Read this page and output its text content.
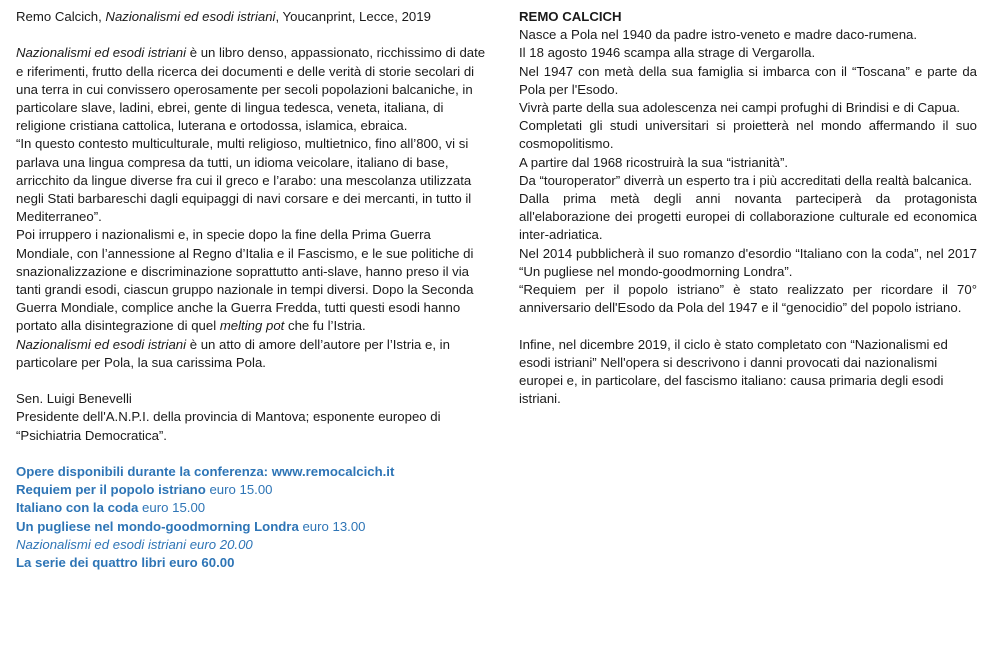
Remo Calcich, Nazionalismi ed esodi istriani, Youcanprint, Lecce, 2019

Nazionalismi ed esodi istriani è un libro denso, appassionato, ricchissimo di date e riferimenti, frutto della ricerca dei documenti e delle verità di storie secolari di una terra in cui convissero operosamente per secoli popolazioni balcaniche, in particolare slave, ladini, ebrei, gente di lingua tedesca, veneta, italiana, di religione cristiana cattolica, luterana e ortodossa, islamica, ebraica.

“In questo contesto multiculturale, multi religioso, multietnico, fino all’800, vi si parlava una lingua compresa da tutti, un idioma veicolare, italiano di base, arricchito da lingue diverse fra cui il greco e l’arabo: una mescolanza utilizzata negli Stati barbareschi dagli equipaggi di navi corsare e dei mercanti, in tutto il Mediterraneo”.

Poi irruppero i nazionalismi e, in specie dopo la fine della Prima Guerra Mondiale, con l’annessione al Regno d’Italia e il Fascismo, e le sue politiche di snazionalizzazione e discriminazione soprattutto anti-slave, hanno preso il via tanti grandi esodi, ciascun gruppo nazionale in tempi diversi. Dopo la Seconda Guerra Mondiale, complice anche la Guerra Fredda, tutti questi esodi hanno portato alla disintegrazione di quel melting pot che fu l’Istria.

Nazionalismi ed esodi istriani è un atto di amore dell’autore per l’Istria e, in particolare per Pola, la sua carissima Pola.

Sen. Luigi Benevelli

Presidente dell'A.N.P.I. della provincia di Mantova; esponente europeo di “Psichiatria Democratica”.

Opere disponibili durante la conferenza: www.remocalcich.it

Requiem per il popolo istriano euro 15.00

Italiano con la coda euro 15.00

Un pugliese nel mondo-goodmorning Londra euro 13.00

Nazionalismi ed esodi istriani euro 20.00

La serie dei quattro libri euro 60.00

REMO CALCICH

Nasce a Pola nel 1940 da padre istro-veneto e madre daco-rumena.

Il 18 agosto 1946 scampa alla strage di Vergarolla.

Nel 1947 con metà della sua famiglia si imbarca con il “Toscana” e parte da Pola per l'Esodo.

Vivrà parte della sua adolescenza nei campi profughi di Brindisi e di Capua.

Completati gli studi universitari si proietterà nel mondo affermando il suo cosmopolitismo.

A partire dal 1968 ricostruirà la sua “istrianità”.

Da “touroperator” diverrà un esperto tra i più accreditati della realtà balcanica.

Dalla prima metà degli anni novanta parteciperà da protagonista all'elaborazione dei progetti europei di collaborazione culturale ed economica inter-adriatica.

Nel 2014 pubblicherà il suo romanzo d'esordio “Italiano con la coda”, nel 2017 “Un pugliese nel mondo-goodmorning Londra”.

“Requiem per il popolo istriano” è stato realizzato per ricordare il 70° anniversario dell'Esodo da Pola del 1947 e il “genocidio” del popolo istriano.

Infine, nel dicembre 2019, il ciclo è stato completato con “Nazionalismi ed esodi istriani” Nell'opera si descrivono i danni provocati dai nazionalismi europei e, in particolare, del fascismo italiano: causa primaria degli esodi istriani.
